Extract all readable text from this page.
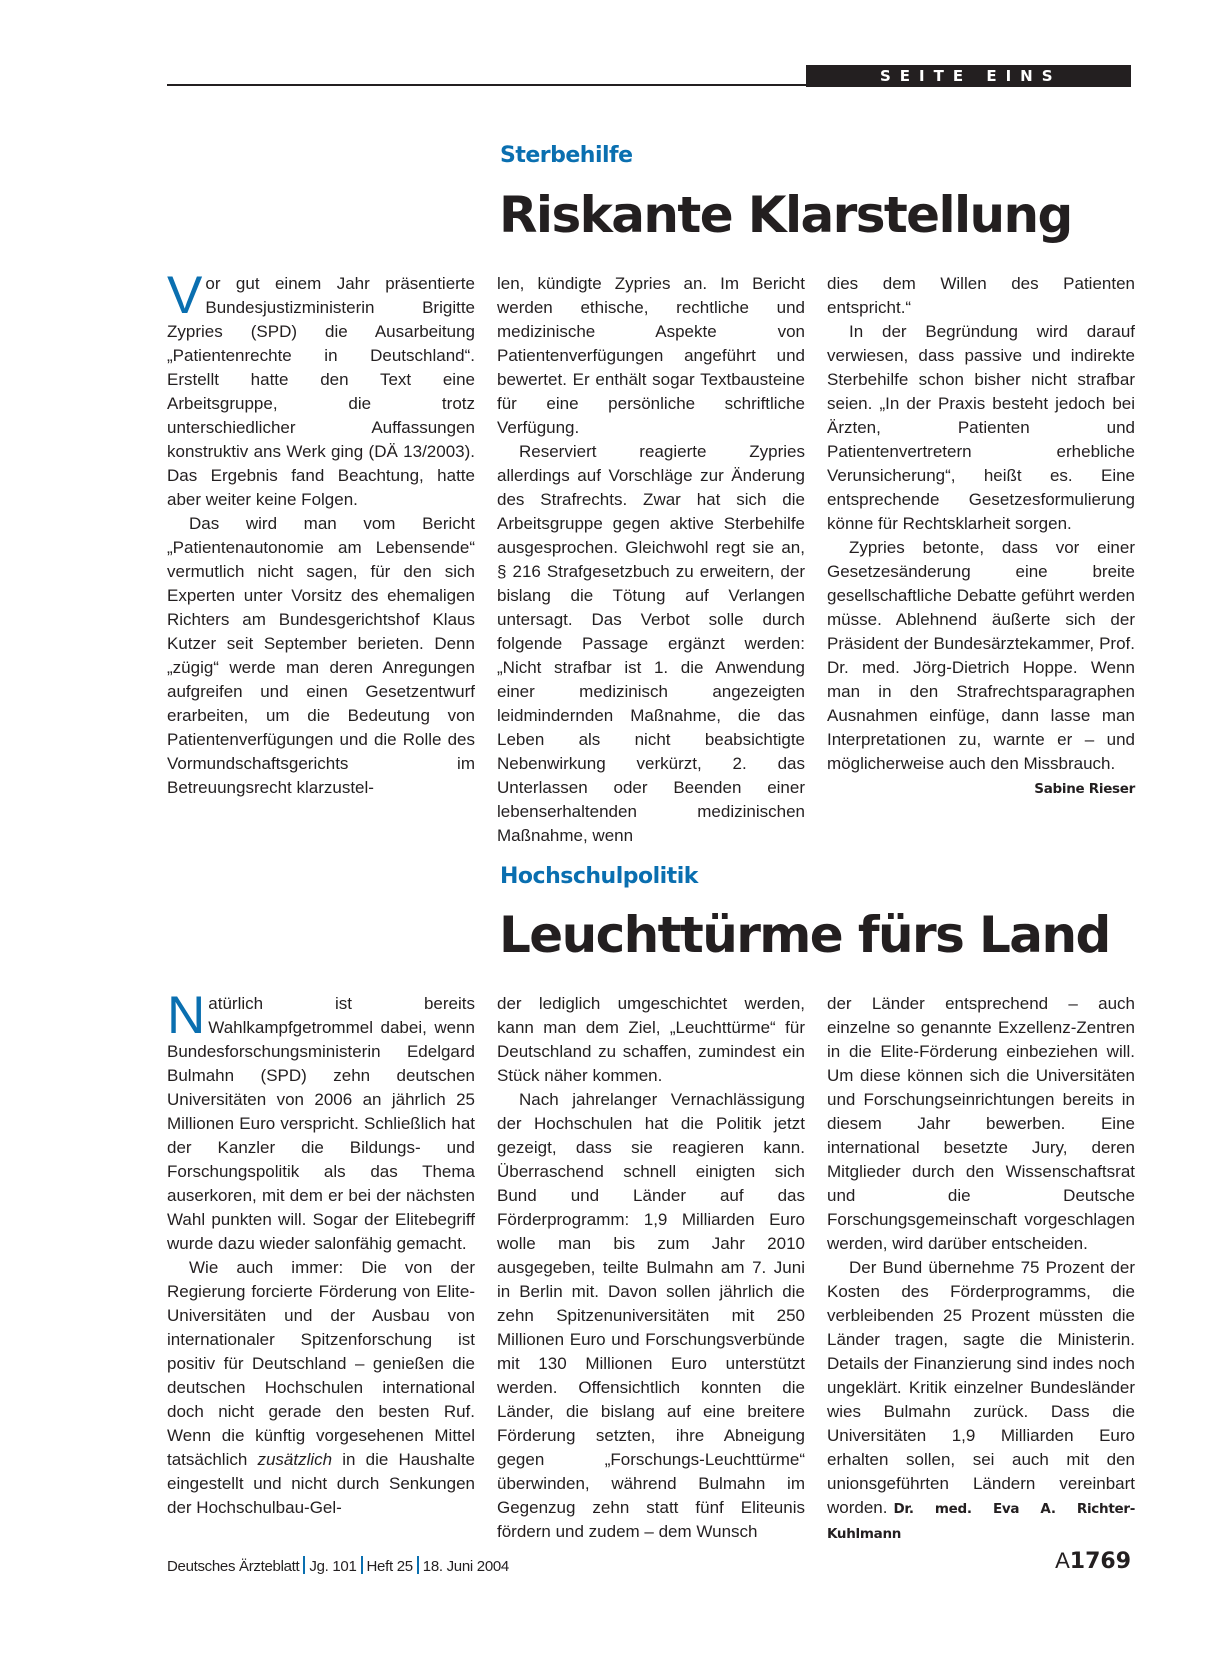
SEITE EINS
Sterbehilfe
Riskante Klarstellung

Vor gut einem Jahr präsentierte Bundesjustizministerin Brigitte Zypries (SPD) die Ausarbeitung „Patientenrechte in Deutschland“. Erstellt hatte den Text eine Arbeitsgruppe, die trotz unterschiedlicher Auffassungen konstruktiv ans Werk ging (DÄ 13/2003). Das Ergebnis fand Beachtung, hatte aber weiter keine Folgen.

Das wird man vom Bericht „Patientenautonomie am Lebensende“ vermutlich nicht sagen, für den sich Experten unter Vorsitz des ehemaligen Richters am Bundesgerichtshof Klaus Kutzer seit September berieten. Denn „zügig“ werde man deren Anregungen aufgreifen und einen Gesetzentwurf erarbeiten, um die Bedeutung von Patientenverfügungen und die Rolle des Vormundschaftsgerichts im Betreuungsrecht klarzustel-

len, kündigte Zypries an. Im Bericht werden ethische, rechtliche und medizinische Aspekte von Patientenverfügungen angeführt und bewertet. Er enthält sogar Textbausteine für eine persönliche schriftliche Verfügung.

Reserviert reagierte Zypries allerdings auf Vorschläge zur Änderung des Strafrechts. Zwar hat sich die Arbeitsgruppe gegen aktive Sterbehilfe ausgesprochen. Gleichwohl regt sie an, § 216 Strafgesetzbuch zu erweitern, der bislang die Tötung auf Verlangen untersagt. Das Verbot solle durch folgende Passage ergänzt werden: „Nicht strafbar ist 1. die Anwendung einer medizinisch angezeigten leidmindernden Maßnahme, die das Leben als nicht beabsichtigte Nebenwirkung verkürzt, 2. das Unterlassen oder Beenden einer lebenserhaltenden medizinischen Maßnahme, wenn

dies dem Willen des Patienten entspricht.“

In der Begründung wird darauf verwiesen, dass passive und indirekte Sterbehilfe schon bisher nicht strafbar seien. „In der Praxis besteht jedoch bei Ärzten, Patienten und Patientenvertretern erhebliche Verunsicherung“, heißt es. Eine entsprechende Gesetzesformulierung könne für Rechtsklarheit sorgen.

Zypries betonte, dass vor einer Gesetzesänderung eine breite gesellschaftliche Debatte geführt werden müsse. Ablehnend äußerte sich der Präsident der Bundesärztekammer, Prof. Dr. med. Jörg-Dietrich Hoppe. Wenn man in den Strafrechtsparagraphen Ausnahmen einfüge, dann lasse man Interpretationen zu, warnte er – und möglicherweise auch den Missbrauch.
Sabine Rieser

Hochschulpolitik
Leuchttürme fürs Land

Natürlich ist bereits Wahlkampfgetrommel dabei, wenn Bundesforschungsministerin Edelgard Bulmahn (SPD) zehn deutschen Universitäten von 2006 an jährlich 25 Millionen Euro verspricht. Schließlich hat der Kanzler die Bildungs- und Forschungspolitik als das Thema auserkoren, mit dem er bei der nächsten Wahl punkten will. Sogar der Elitebegriff wurde dazu wieder salonfähig gemacht.

Wie auch immer: Die von der Regierung forcierte Förderung von Elite-Universitäten und der Ausbau von internationaler Spitzenforschung ist positiv für Deutschland – genießen die deutschen Hochschulen international doch nicht gerade den besten Ruf. Wenn die künftig vorgesehenen Mittel tatsächlich zusätzlich in die Haushalte eingestellt und nicht durch Senkungen der Hochschulbau-Gel-

der lediglich umgeschichtet werden, kann man dem Ziel, „Leuchttürme“ für Deutschland zu schaffen, zumindest ein Stück näher kommen.

Nach jahrelanger Vernachlässigung der Hochschulen hat die Politik jetzt gezeigt, dass sie reagieren kann. Überraschend schnell einigten sich Bund und Länder auf das Förderprogramm: 1,9 Milliarden Euro wolle man bis zum Jahr 2010 ausgegeben, teilte Bulmahn am 7. Juni in Berlin mit. Davon sollen jährlich die zehn Spitzenuniversitäten mit 250 Millionen Euro und Forschungsverbünde mit 130 Millionen Euro unterstützt werden. Offensichtlich konnten die Länder, die bislang auf eine breitere Förderung setzten, ihre Abneigung gegen „Forschungs-Leuchttürme“ überwinden, während Bulmahn im Gegenzug zehn statt fünf Eliteunis fördern und zudem – dem Wunsch

der Länder entsprechend – auch einzelne so genannte Exzellenz-Zentren in die Elite-Förderung einbeziehen will. Um diese können sich die Universitäten und Forschungseinrichtungen bereits in diesem Jahr bewerben. Eine international besetzte Jury, deren Mitglieder durch den Wissenschaftsrat und die Deutsche Forschungsgemeinschaft vorgeschlagen werden, wird darüber entscheiden.

Der Bund übernehme 75 Prozent der Kosten des Förderprogramms, die verbleibenden 25 Prozent müssten die Länder tragen, sagte die Ministerin. Details der Finanzierung sind indes noch ungeklärt. Kritik einzelner Bundesländer wies Bulmahn zurück. Dass die Universitäten 1,9 Milliarden Euro erhalten sollen, sei auch mit den unionsgeführten Ländern vereinbart worden. Dr. med. Eva A. Richter-Kuhlmann

Deutsches Ärzteblatt Jg. 101 Heft 25 18. Juni 2004	A1769
